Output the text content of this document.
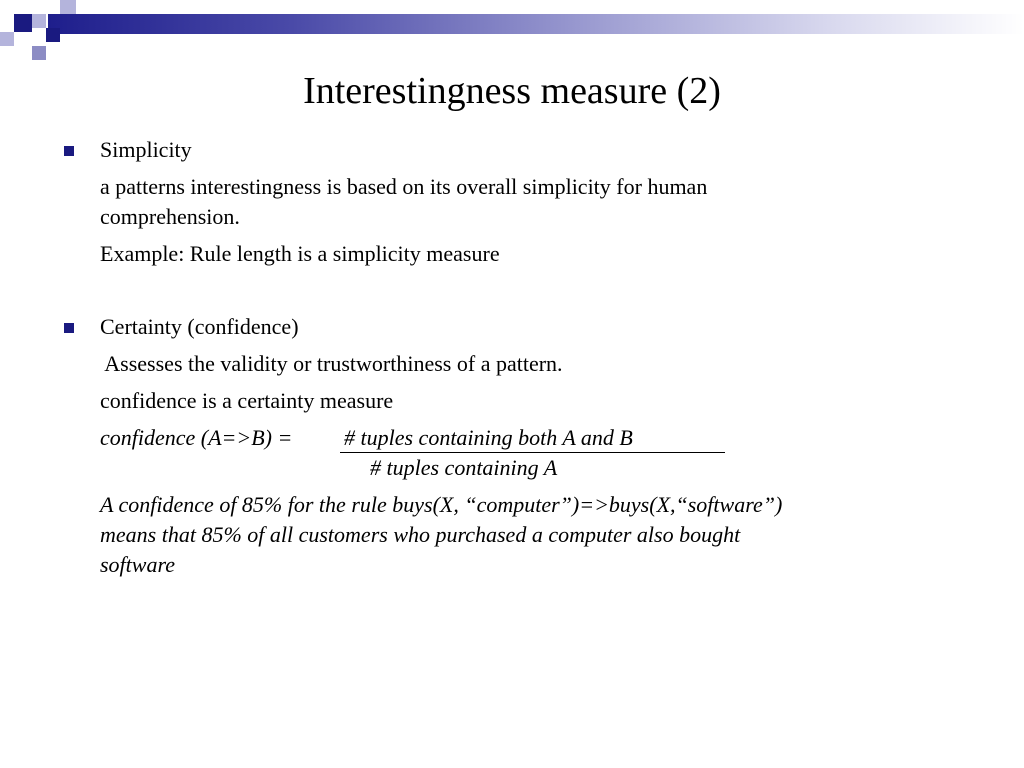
Interestingness measure (2)
Simplicity
a patterns interestingness is based on its overall simplicity for human
comprehension.
Example: Rule length is a simplicity measure
Certainty (confidence)
Assesses the validity or trustworthiness of a pattern.
confidence is a certainty measure
confidence (A=>B) = # tuples containing both A and B
# tuples containing A
A confidence of 85% for the rule buys(X, “computer”)=>buys(X,“software”)
means that 85% of all customers who purchased a computer also bought
software
